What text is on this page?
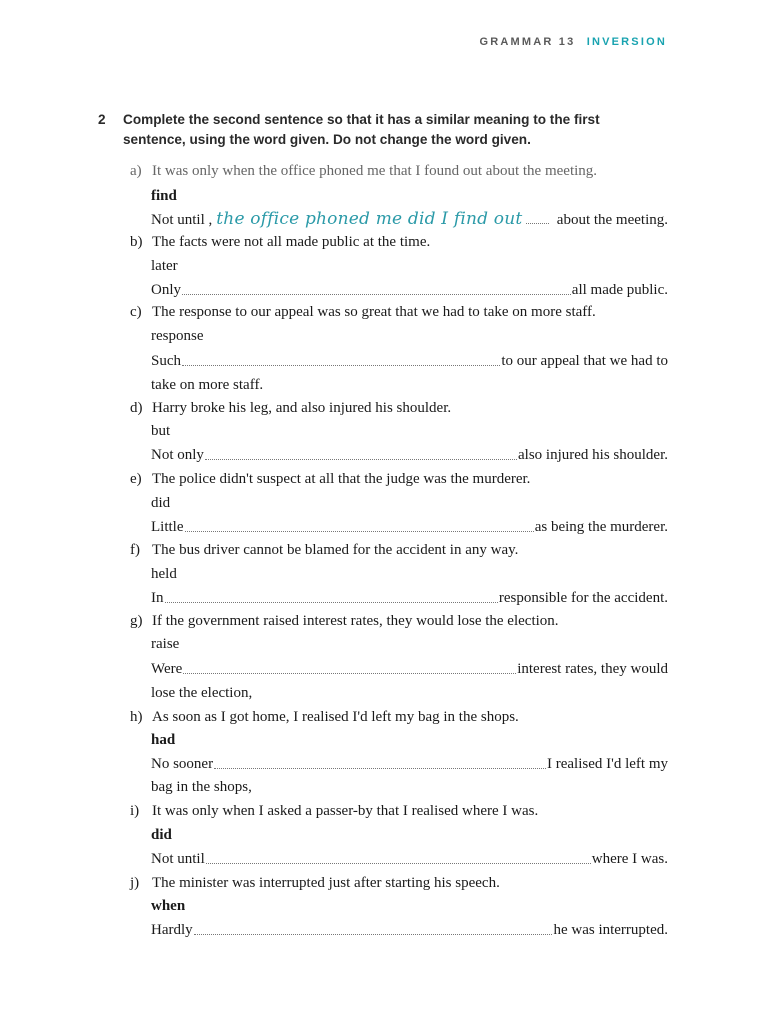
GRAMMAR 13 INVERSION
2 Complete the second sentence so that it has a similar meaning to the first sentence, using the word given. Do not change the word given.
a) It was only when the office phoned me that I found out about the meeting.
find
Not until , the office phoned me did I find out about the meeting.
b) The facts were not all made public at the time.
later
Only	all made public.
c) The response to our appeal was so great that we had to take on more staff.
response
Such	to our appeal that we had to
take on more staff.
d) Harry broke his leg, and also injured his shoulder.
but
Not only	also injured his shoulder.
e) The police didn't suspect at all that the judge was the murderer.
did
Little	as being the murderer.
f) The bus driver cannot be blamed for the accident in any way.
held
In	responsible for the accident.
g) If the government raised interest rates, they would lose the election.
raise
Were	interest rates, they would
lose the election,
h) As soon as I got home, I realised I'd left my bag in the shops.
had
No sooner	I realised I'd left my
bag in the shops,
i) It was only when I asked a passer-by that I realised where I was.
did
Not until	where I was.
j) The minister was interrupted just after starting his speech.
when
Hardly	he was interrupted.
